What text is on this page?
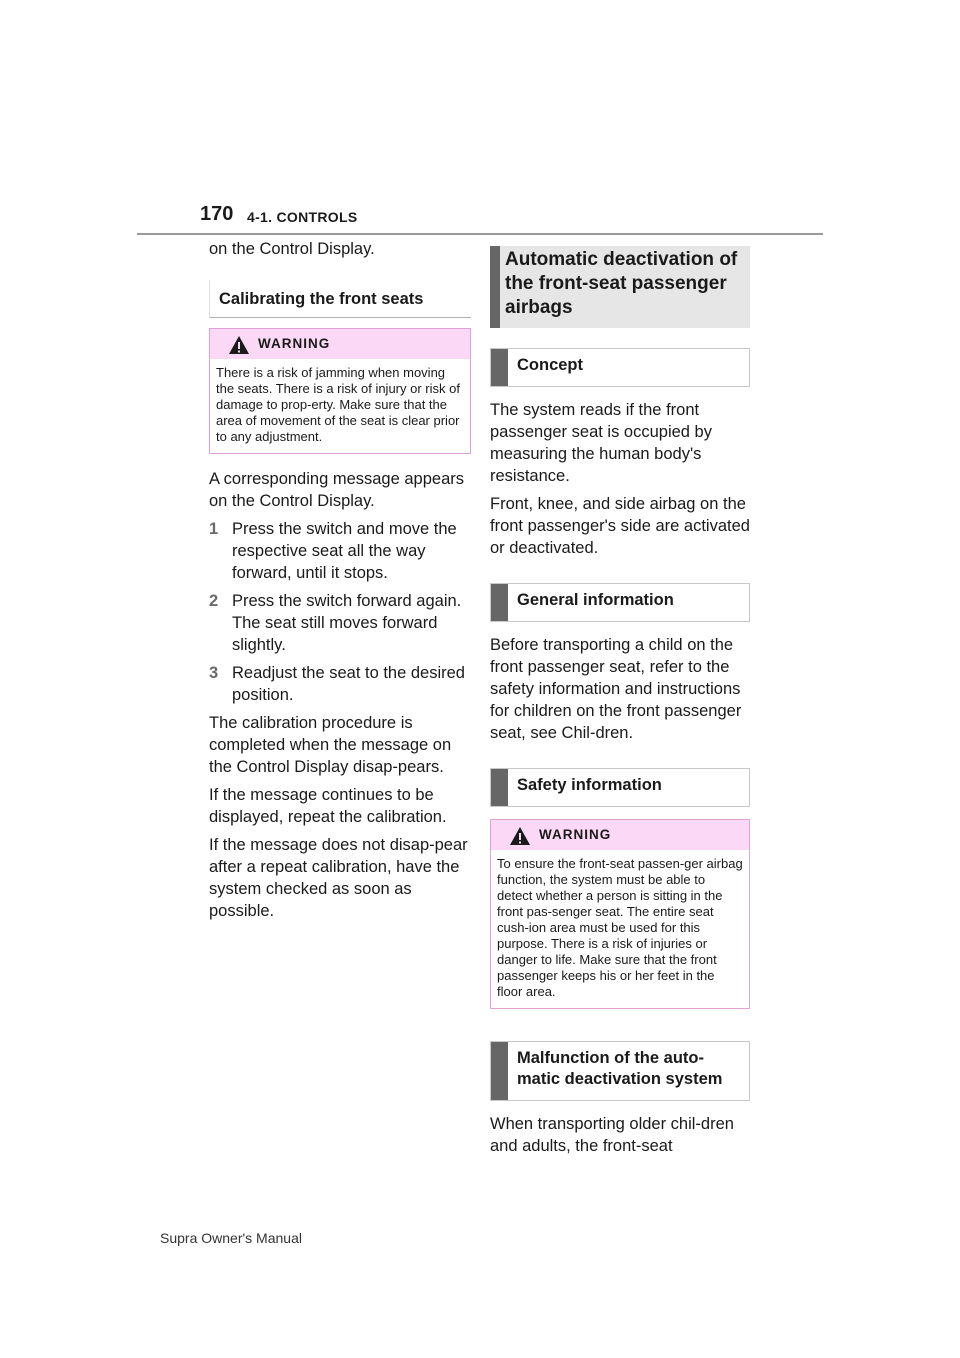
170 4-1. CONTROLS

on the Control Display.

Calibrating the front seats
WARNING
There is a risk of jamming when moving the seats. There is a risk of injury or risk of damage to prop-erty. Make sure that the area of movement of the seat is clear prior to any adjustment.

A corresponding message appears on the Control Display.

1 Press the switch and move the respective seat all the way forward, until it stops.
2 Press the switch forward again. The seat still moves forward slightly.
3 Readjust the seat to the desired position.

The calibration procedure is completed when the message on the Control Display disap-pears.

If the message continues to be displayed, repeat the calibration.

If the message does not disap-pear after a repeat calibration, have the system checked as soon as possible.

Automatic deactivation of the front-seat passenger airbags
Concept

The system reads if the front passenger seat is occupied by measuring the human body's resistance.

Front, knee, and side airbag on the front passenger's side are activated or deactivated.

General information

Before transporting a child on the front passenger seat, refer to the safety information and instructions for children on the front passenger seat, see Chil-dren.

Safety information
WARNING
To ensure the front-seat passen-ger airbag function, the system must be able to detect whether a person is sitting in the front pas-senger seat. The entire seat cush-ion area must be used for this purpose. There is a risk of injuries or danger to life. Make sure that the front passenger keeps his or her feet in the floor area.
Malfunction of the auto-matic deactivation system

When transporting older chil-dren and adults, the front-seat

Supra Owner's Manual
